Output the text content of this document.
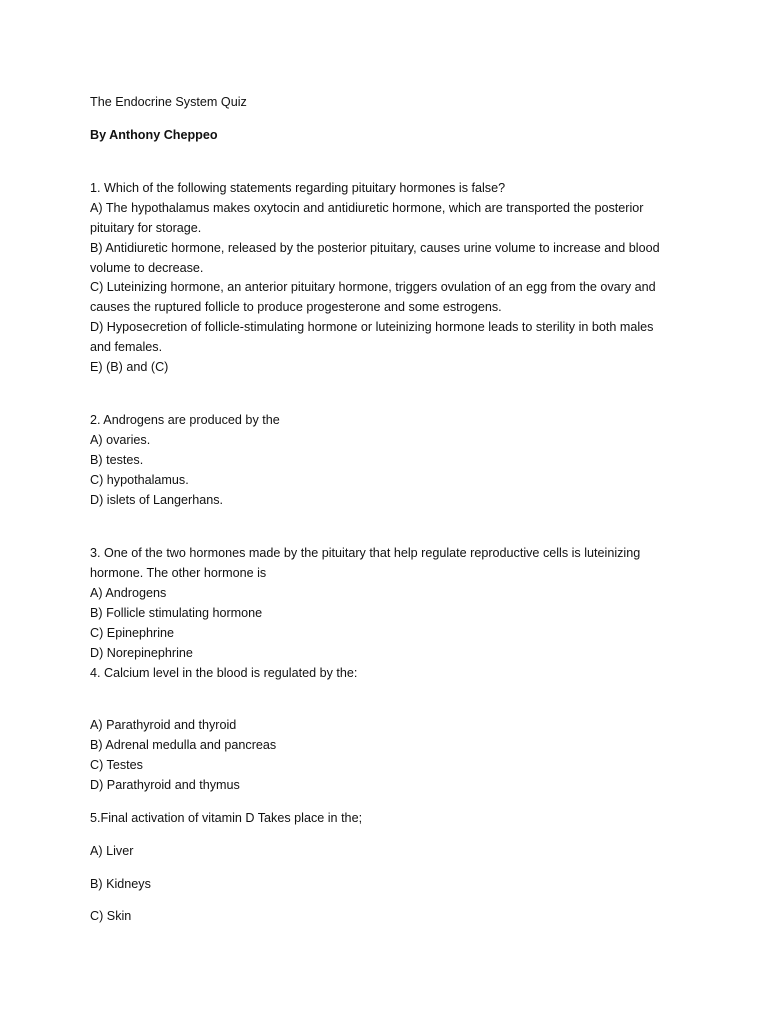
The Endocrine System Quiz
By Anthony Cheppeo
1. Which of the following statements regarding pituitary hormones is false?
A) The hypothalamus makes oxytocin and antidiuretic hormone, which are transported the posterior
pituitary for storage.
B) Antidiuretic hormone, released by the posterior pituitary, causes urine volume to increase and blood
volume to decrease.
C) Luteinizing hormone, an anterior pituitary hormone, triggers ovulation of an egg from the ovary and
causes the ruptured follicle to produce progesterone and some estrogens.
D) Hyposecretion of follicle-stimulating hormone or luteinizing hormone leads to sterility in both males
and females.
E) (B) and (C)
2. Androgens are produced by the
A) ovaries.
B) testes.
C) hypothalamus.
D) islets of Langerhans.
3. One of the two hormones made by the pituitary that help regulate reproductive cells is luteinizing
hormone. The other hormone is
A) Androgens
B) Follicle stimulating hormone
C) Epinephrine
D) Norepinephrine
4. Calcium level in the blood is regulated by the:
A) Parathyroid and thyroid
B) Adrenal medulla and pancreas
C) Testes
D) Parathyroid and thymus
5.Final activation of vitamin D Takes place in the;
A) Liver
B) Kidneys
C) Skin
